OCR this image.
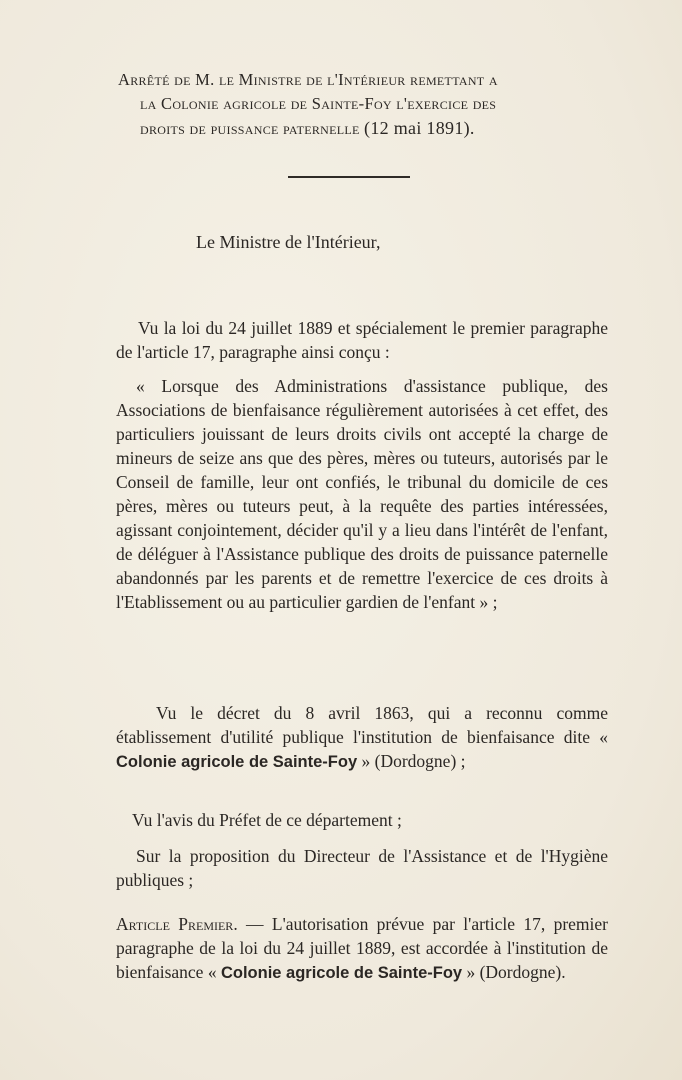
Arrêté de M. le Ministre de l'Intérieur remettant a
la Colonie agricole de Sainte-Foy l'exercice des
droits de puissance paternelle (12 mai 1891).
Le Ministre de l'Intérieur,

Vu la loi du 24 juillet 1889 et spécialement le premier paragraphe de l'article 17, paragraphe ainsi conçu :

« Lorsque des Administrations d'assistance publique, des Associations de bienfaisance régulièrement autorisées à cet effet, des particuliers jouissant de leurs droits civils ont accepté la charge de mineurs de seize ans que des pères, mères ou tuteurs, autorisés par le Conseil de famille, leur ont confiés, le tribunal du domicile de ces pères, mères ou tuteurs peut, à la requête des parties intéressées, agissant conjointement, décider qu'il y a lieu dans l'intérêt de l'enfant, de déléguer à l'Assistance publique des droits de puissance paternelle abandonnés par les parents et de remettre l'exercice de ces droits à l'Etablissement ou au particulier gardien de l'enfant » ;

Vu le décret du 8 avril 1863, qui a reconnu comme établissement d'utilité publique l'institution de bienfaisance dite « Colonie agricole de Sainte-Foy » (Dordogne) ;

Vu l'avis du Préfet de ce département ;

Sur la proposition du Directeur de l'Assistance et de l'Hygiène publiques ;

Article Premier. — L'autorisation prévue par l'article 17, premier paragraphe de la loi du 24 juillet 1889, est accordée à l'institution de bienfaisance « Colonie agricole de Sainte-Foy » (Dordogne).
